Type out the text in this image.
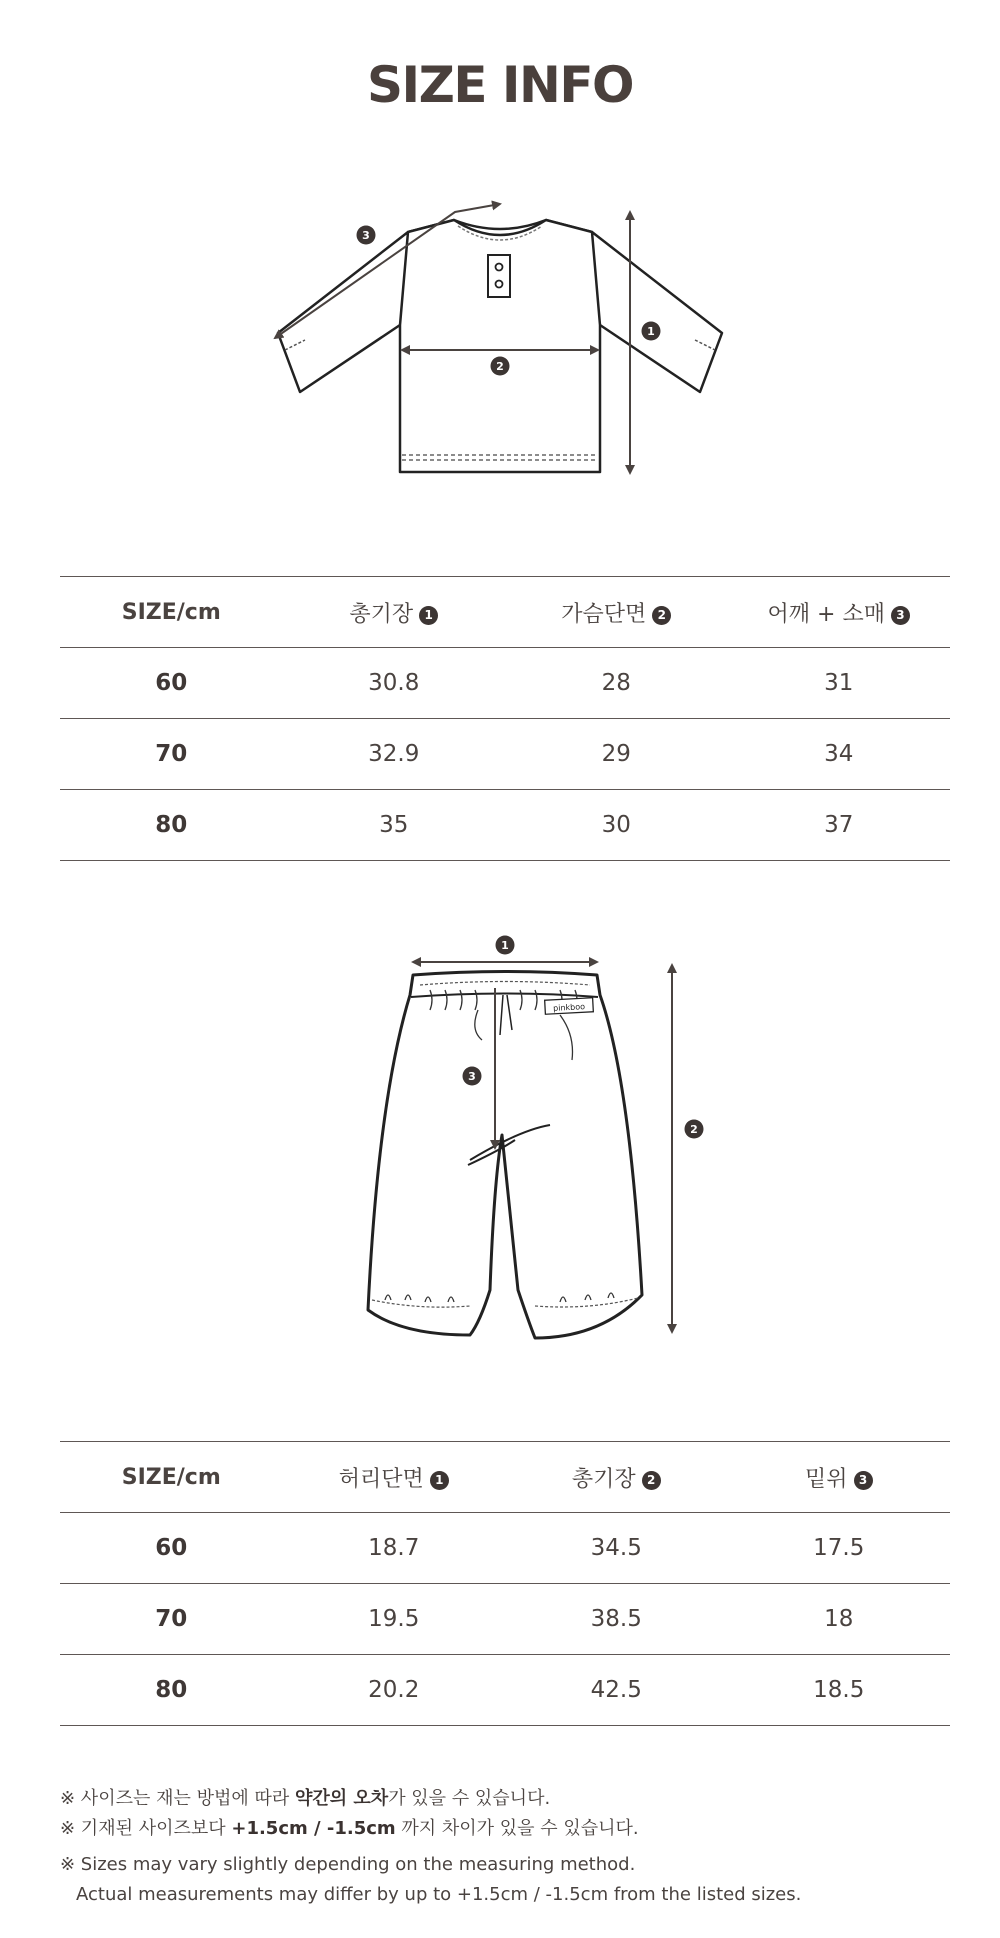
SIZE INFO
3
2
1
SIZE/cm	총기장 1	가슴단면 2	어깨 + 소매 3
60	30.8	28	31
70	32.9	29	34
80	35	30	37
pinkboo
1
2
3
SIZE/cm	허리단면 1	총기장 2	밑위 3
60	18.7	34.5	17.5
70	19.5	38.5	18
80	20.2	42.5	18.5
※ 사이즈는 재는 방법에 따라 약간의 오차가 있을 수 있습니다.
※ 기재된 사이즈보다 +1.5cm / -1.5cm 까지 차이가 있을 수 있습니다.
※ Sizes may vary slightly depending on the measuring method.
Actual measurements may differ by up to +1.5cm / -1.5cm from the listed sizes.
